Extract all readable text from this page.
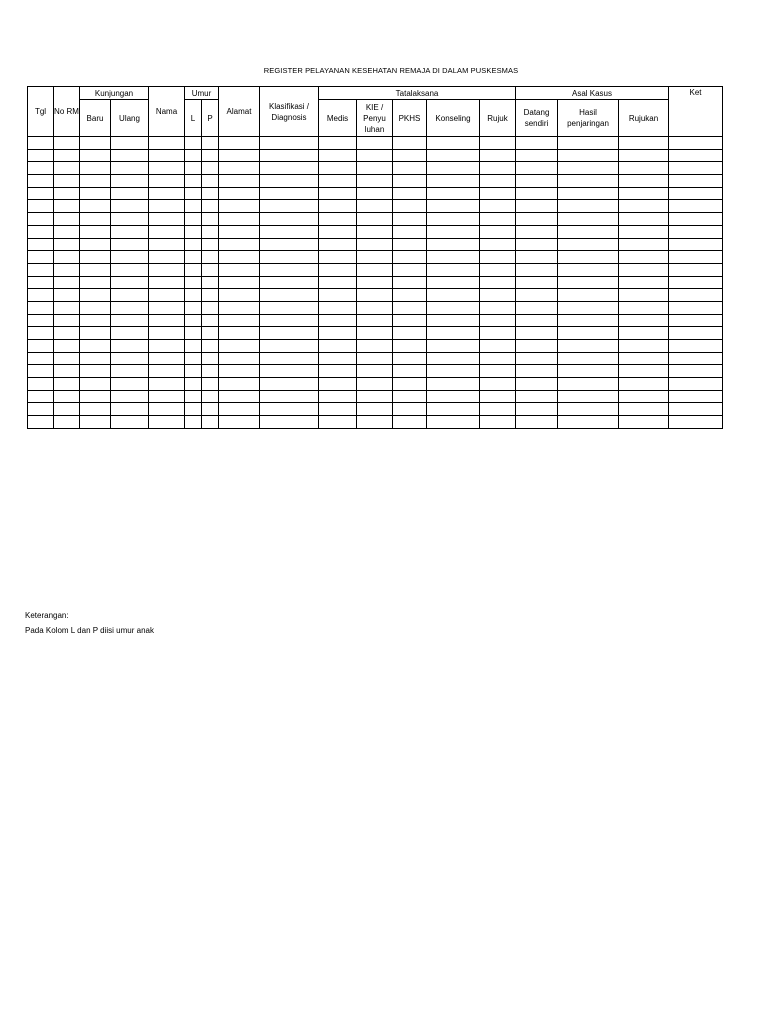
REGISTER PELAYANAN KESEHATAN REMAJA DI DALAM PUSKESMAS
Tgl	No RM	Kunjungan		Nama	Umur		Alamat	Klasifikasi / Diagnosis	Tatalaksana					Asal Kasus			Ket
		Baru	Ulang		L	P			Medis	KIE / Penyu luhan	PKHS	Konseling	Rujuk	Datang sendiri	Hasil penjaringan	Rujukan	

Keterangan:
Pada Kolom L dan P diisi umur anak
